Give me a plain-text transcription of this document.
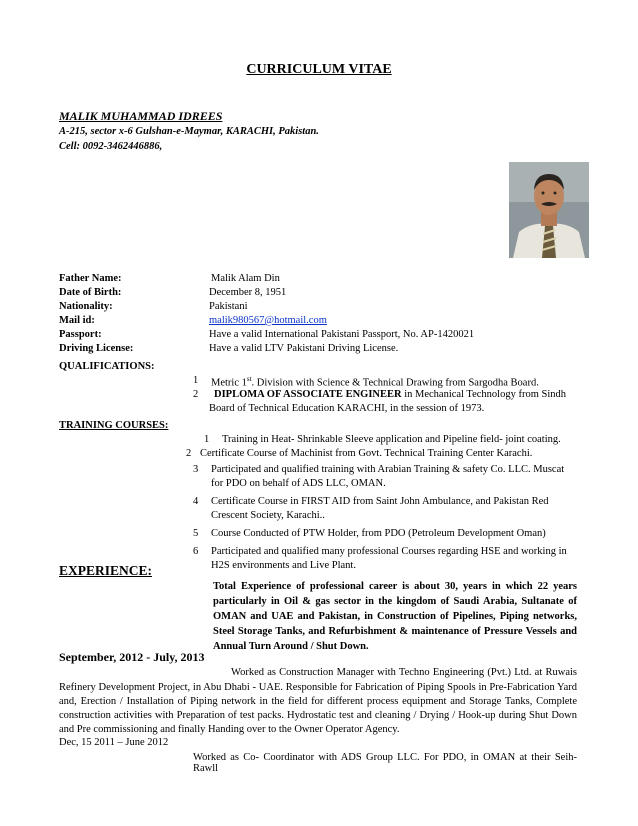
CURRICULUM VITAE
MALIK MUHAMMAD IDREES
A-215, sector x-6 Gulshan-e-Maymar, KARACHI, Pakistan.
Cell: 0092-3462446886,
Father Name:	Malik Alam Din
Date of Birth:	December 8, 1951
Nationality:	Pakistani
Mail id:	malik980567@hotmail.com
Passport:	Have a valid International Pakistani Passport, No. AP-1420021
Driving License:	Have a valid LTV Pakistani Driving License.
QUALIFICATIONS:
1 Metric 1st. Division with Science & Technical Drawing from Sargodha Board.
2 DIPLOMA OF ASSOCIATE ENGINEER in Mechanical Technology from Sindh
Board of Technical Education KARACHI, in the session of 1973.
TRAINING COURSES:
1 Training in Heat- Shrinkable Sleeve application and Pipeline field- joint coating.
2 Certificate Course of Machinist from Govt. Technical Training Center Karachi.
3 Participated and qualified training with Arabian Training & safety Co. LLC. Muscat
for PDO on behalf of ADS LLC, OMAN.
4 Certificate Course in FIRST AID from Saint John Ambulance, and Pakistan Red
Crescent Society, Karachi..
5 Course Conducted of PTW Holder, from PDO (Petroleum Development Oman)
6 Participated and qualified many professional Courses regarding HSE and working in
H2S environments and Live Plant.
EXPERIENCE:
Total Experience of professional career is about 30, years in which 22 years
particularly in Oil & gas sector in the kingdom of Saudi Arabia, Sultanate of
OMAN and UAE and Pakistan, in Construction of Pipelines, Piping networks,
Steel Storage Tanks, and Refurbishment & maintenance of Pressure Vessels and
Annual Turn Around / Shut Down.
September, 2012 - July, 2013
Worked as Construction Manager with Techno Engineering (Pvt.) Ltd. at Ruwais
Refinery Development Project, in Abu Dhabi - UAE. Responsible for Fabrication of Piping Spools in Pre-Fabrication Yard
and, Erection / Installation of Piping network in the field for different process equipment and Storage Tanks, Complete
construction activities with Preparation of test packs. Hydrostatic test and cleaning / Drying / Hook-up during Shut Down
and Pre commissioning and finally Handing over to the Owner Operator Agency.
Dec, 15 2011 – June 2012
Worked as Co- Coordinator with ADS Group LLC. For PDO, in OMAN at their Seih-Rawll
